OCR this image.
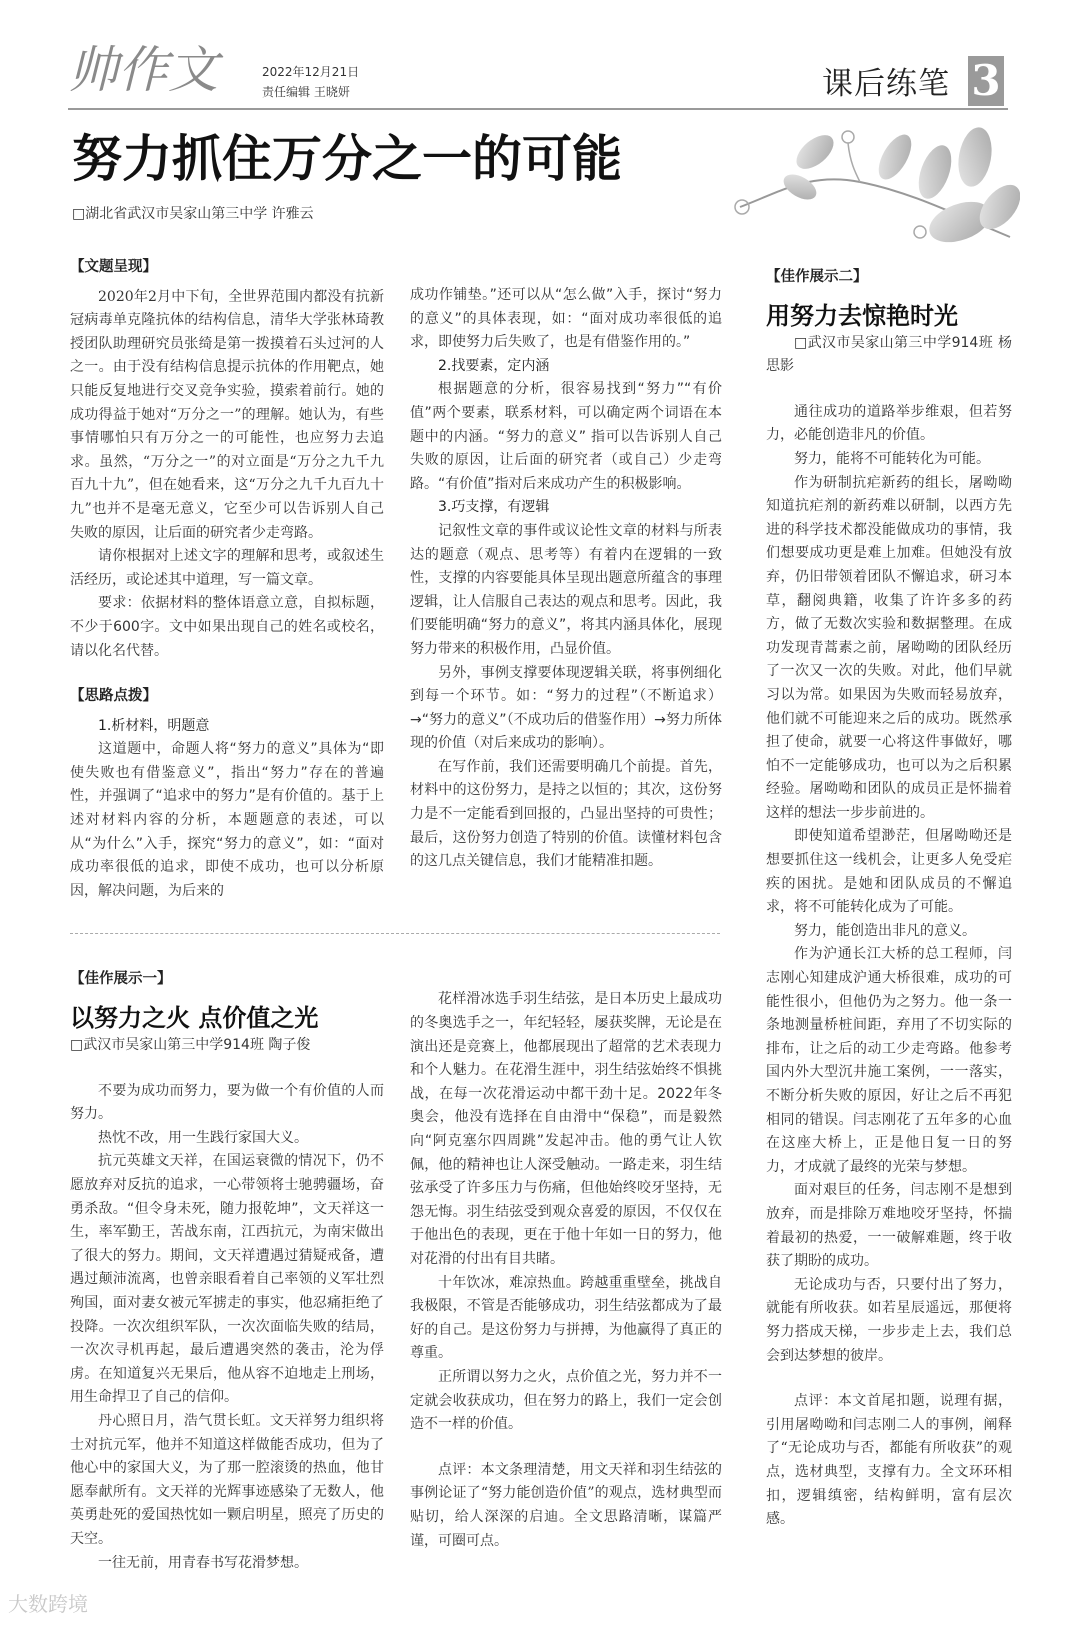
帅作文	2022年12月21日
责任编辑 王晓妍	课后练笔 3
努力抓住万分之一的可能
□湖北省武汉市吴家山第三中学 许雅云

【文题呈现】

2020年2月中下旬，全世界范围内都没有抗新冠病毒单克隆抗体的结构信息，清华大学张林琦教授团队助理研究员张绮是第一拨摸着石头过河的人之一。由于没有结构信息提示抗体的作用靶点，她只能反复地进行交叉竞争实验，摸索着前行。她的成功得益于她对“万分之一”的理解。她认为，有些事情哪怕只有万分之一的可能性，也应努力去追求。虽然，“万分之一”的对立面是“万分之九千九百九十九”，但在她看来，这“万分之九千九百九十九”也并不是毫无意义，它至少可以告诉别人自己失败的原因，让后面的研究者少走弯路。

请你根据对上述文字的理解和思考，或叙述生活经历，或论述其中道理，写一篇文章。

要求：依据材料的整体语意立意，自拟标题，不少于600字。文中如果出现自己的姓名或校名，请以化名代替。

【思路点拨】

1.析材料，明题意

这道题中，命题人将“努力的意义”具体为“即使失败也有借鉴意义”，指出“努力”存在的普遍性，并强调了“追求中的努力”是有价值的。基于上述对材料内容的分析，本题题意的表述，可以从“为什么”入手，探究“努力的意义”，如：“面对成功率很低的追求，即使不成功，也可以分析原因，解决问题，为后来的

成功作铺垫。”还可以从“怎么做”入手，探讨“努力的意义”的具体表现，如：“面对成功率很低的追求，即使努力后失败了，也是有借鉴作用的。”

2.找要素，定内涵

根据题意的分析，很容易找到“努力”“有价值”两个要素，联系材料，可以确定两个词语在本题中的内涵。“努力的意义” 指可以告诉别人自己失败的原因，让后面的研究者（或自己）少走弯路。“有价值”指对后来成功产生的积极影响。

3.巧支撑，有逻辑

记叙性文章的事件或议论性文章的材料与所表达的题意（观点、思考等）有着内在逻辑的一致性，支撑的内容要能具体呈现出题意所蕴含的事理逻辑，让人信服自己表达的观点和思考。因此，我们要能明确“努力的意义”，将其内涵具体化，展现努力带来的积极作用，凸显价值。

另外，事例支撑要体现逻辑关联，将事例细化到每一个环节。如：“努力的过程”（不断追求）→“努力的意义”（不成功后的借鉴作用）→努力所体现的价值（对后来成功的影响）。

在写作前，我们还需要明确几个前提。首先，材料中的这份努力，是持之以恒的；其次，这份努力是不一定能看到回报的，凸显出坚持的可贵性；最后，这份努力创造了特别的价值。读懂材料包含的这几点关键信息，我们才能精准扣题。

【佳作展示一】

以努力之火 点价值之光

□武汉市吴家山第三中学914班 陶子俊

不要为成功而努力，要为做一个有价值的人而努力。

热忱不改，用一生践行家国大义。

抗元英雄文天祥，在国运衰微的情况下，仍不愿放弃对反抗的追求，一心带领将士驰骋疆场，奋勇杀敌。“但令身未死，随力报乾坤”，文天祥这一生，率军勤王，苦战东南，江西抗元，为南宋做出了很大的努力。期间，文天祥遭遇过猜疑戒备，遭遇过颠沛流离，也曾亲眼看着自己率领的义军壮烈殉国，面对妻女被元军掳走的事实，他忍痛拒绝了投降。一次次组织军队，一次次面临失败的结局，一次次寻机再起，最后遭遇突然的袭击，沦为俘虏。在知道复兴无果后，他从容不迫地走上刑场，用生命捍卫了自己的信仰。

丹心照日月，浩气贯长虹。文天祥努力组织将士对抗元军，他并不知道这样做能否成功，但为了他心中的家国大义，为了那一腔滚烫的热血，他甘愿奉献所有。文天祥的光辉事迹感染了无数人，他英勇赴死的爱国热忱如一颗启明星，照亮了历史的天空。

一往无前，用青春书写花滑梦想。

花样滑冰选手羽生结弦，是日本历史上最成功的冬奥选手之一，年纪轻轻，屡获奖牌，无论是在演出还是竞赛上，他都展现出了超常的艺术表现力和个人魅力。在花滑生涯中，羽生结弦始终不惧挑战，在每一次花滑运动中都干劲十足。2022年冬奥会，他没有选择在自由滑中“保稳”，而是毅然向“阿克塞尔四周跳”发起冲击。他的勇气让人钦佩，他的精神也让人深受触动。一路走来，羽生结弦承受了许多压力与伤痛，但他始终咬牙坚持，无怨无悔。羽生结弦受到观众喜爱的原因，不仅仅在于他出色的表现，更在于他十年如一日的努力，他对花滑的付出有目共睹。

十年饮冰，难凉热血。跨越重重壁垒，挑战自我极限，不管是否能够成功，羽生结弦都成为了最好的自己。是这份努力与拼搏，为他赢得了真正的尊重。

正所谓以努力之火，点价值之光，努力并不一定就会收获成功，但在努力的路上，我们一定会创造不一样的价值。

点评：本文条理清楚，用文天祥和羽生结弦的事例论证了“努力能创造价值”的观点，选材典型而贴切，给人深深的启迪。全文思路清晰，谋篇严谨，可圈可点。

【佳作展示二】

用努力去惊艳时光

□武汉市吴家山第三中学914班 杨思影

通往成功的道路举步维艰，但若努力，必能创造非凡的价值。

努力，能将不可能转化为可能。

作为研制抗疟新药的组长，屠呦呦知道抗疟剂的新药难以研制，以西方先进的科学技术都没能做成功的事情，我们想要成功更是难上加难。但她没有放弃，仍旧带领着团队不懈追求，研习本草，翻阅典籍，收集了许许多多的药方，做了无数次实验和数据整理。在成功发现青蒿素之前，屠呦呦的团队经历了一次又一次的失败。对此，他们早就习以为常。如果因为失败而轻易放弃，他们就不可能迎来之后的成功。既然承担了使命，就要一心将这件事做好，哪怕不一定能够成功，也可以为之后积累经验。屠呦呦和团队的成员正是怀揣着这样的想法一步步前进的。

即使知道希望渺茫，但屠呦呦还是想要抓住这一线机会，让更多人免受疟疾的困扰。是她和团队成员的不懈追求，将不可能转化成为了可能。

努力，能创造出非凡的意义。

作为沪通长江大桥的总工程师，闫志刚心知建成沪通大桥很难，成功的可能性很小，但他仍为之努力。他一条一条地测量桥桩间距，弃用了不切实际的排布，让之后的动工少走弯路。他参考国内外大型沉井施工案例，一一落实，不断分析失败的原因，好让之后不再犯相同的错误。闫志刚花了五年多的心血在这座大桥上，正是他日复一日的努力，才成就了最终的光荣与梦想。

面对艰巨的任务，闫志刚不是想到放弃，而是排除万难地咬牙坚持，怀揣着最初的热爱，一一破解难题，终于收获了期盼的成功。

无论成功与否，只要付出了努力，就能有所收获。如若星辰遥远，那便将努力搭成天梯，一步步走上去，我们总会到达梦想的彼岸。

点评：本文首尾扣题，说理有据，引用屠呦呦和闫志刚二人的事例，阐释了“无论成功与否，都能有所收获”的观点，选材典型，支撑有力。全文环环相扣，逻辑缜密，结构鲜明，富有层次感。

大数跨境
